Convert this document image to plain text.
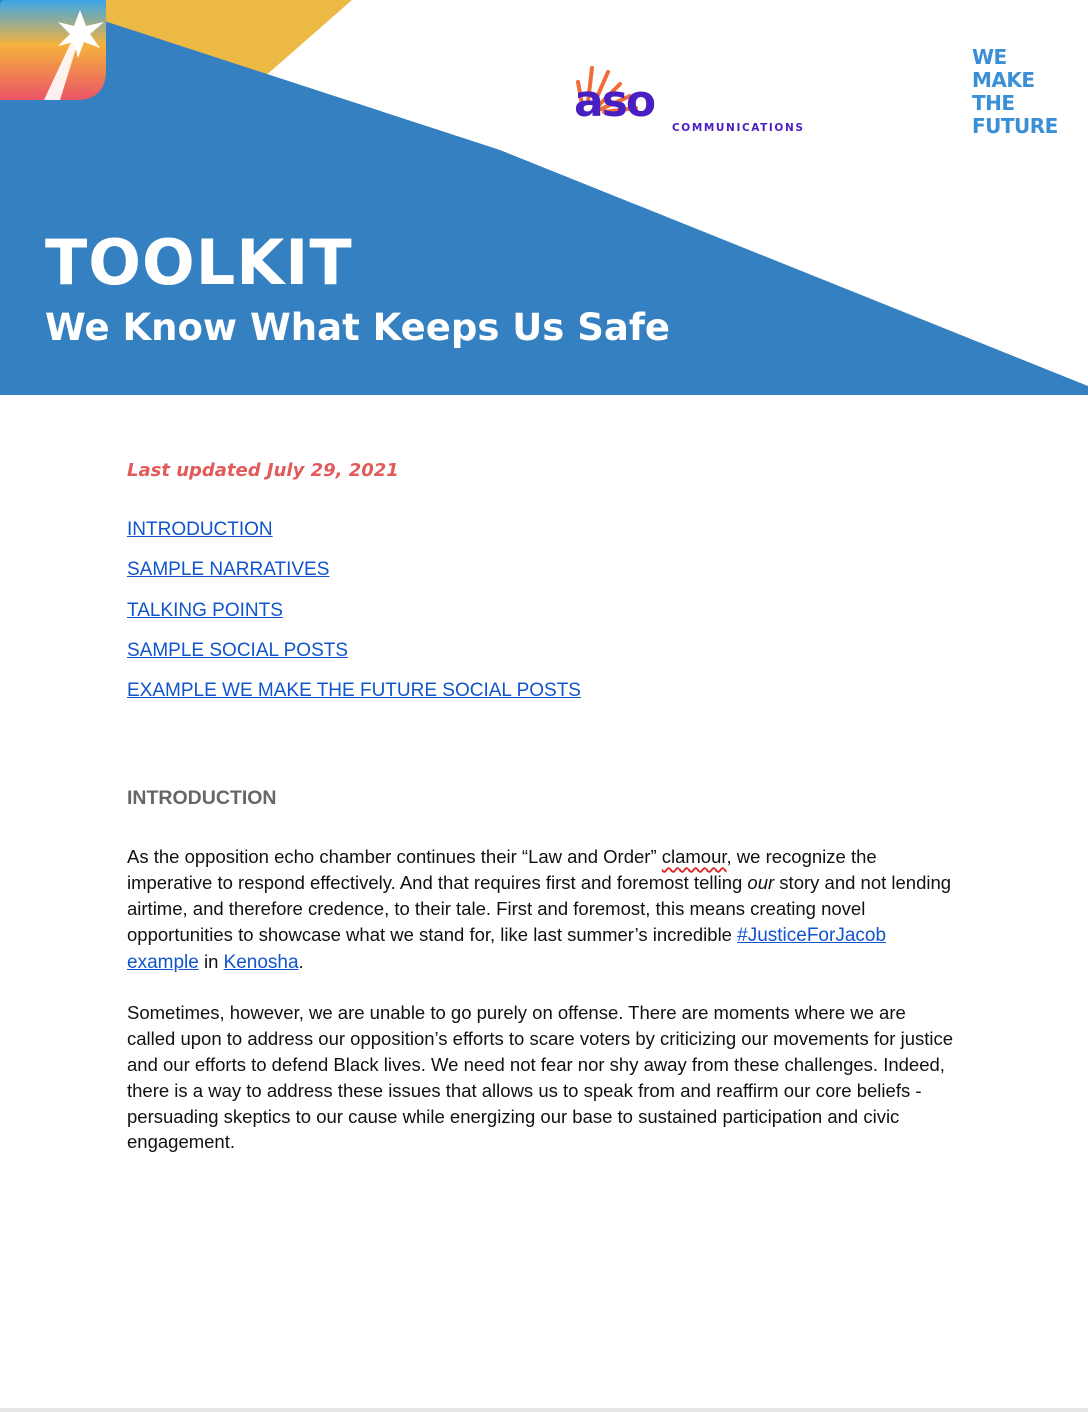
aso
COMMUNICATIONS
WE
MAKE
THE
FUTURE
TOOLKIT
We Know What Keeps Us Safe

Last updated July 29, 2021

INTRODUCTION
SAMPLE NARRATIVES
TALKING POINTS
SAMPLE SOCIAL POSTS
EXAMPLE WE MAKE THE FUTURE SOCIAL POSTS
INTRODUCTION

As the opposition echo chamber continues their “Law and Order” clamour, we recognize the imperative to respond effectively. And that requires first and foremost telling our story and not lending airtime, and therefore credence, to their tale. First and foremost, this means creating novel opportunities to showcase what we stand for, like last summer’s incredible #JusticeForJacob example in Kenosha.

Sometimes, however, we are unable to go purely on offense. There are moments where we are called upon to address our opposition’s efforts to scare voters by criticizing our movements for justice and our efforts to defend Black lives. We need not fear nor shy away from these challenges. Indeed, there is a way to address these issues that allows us to speak from and reaffirm our core beliefs - persuading skeptics to our cause while energizing our base to sustained participation and civic engagement.
